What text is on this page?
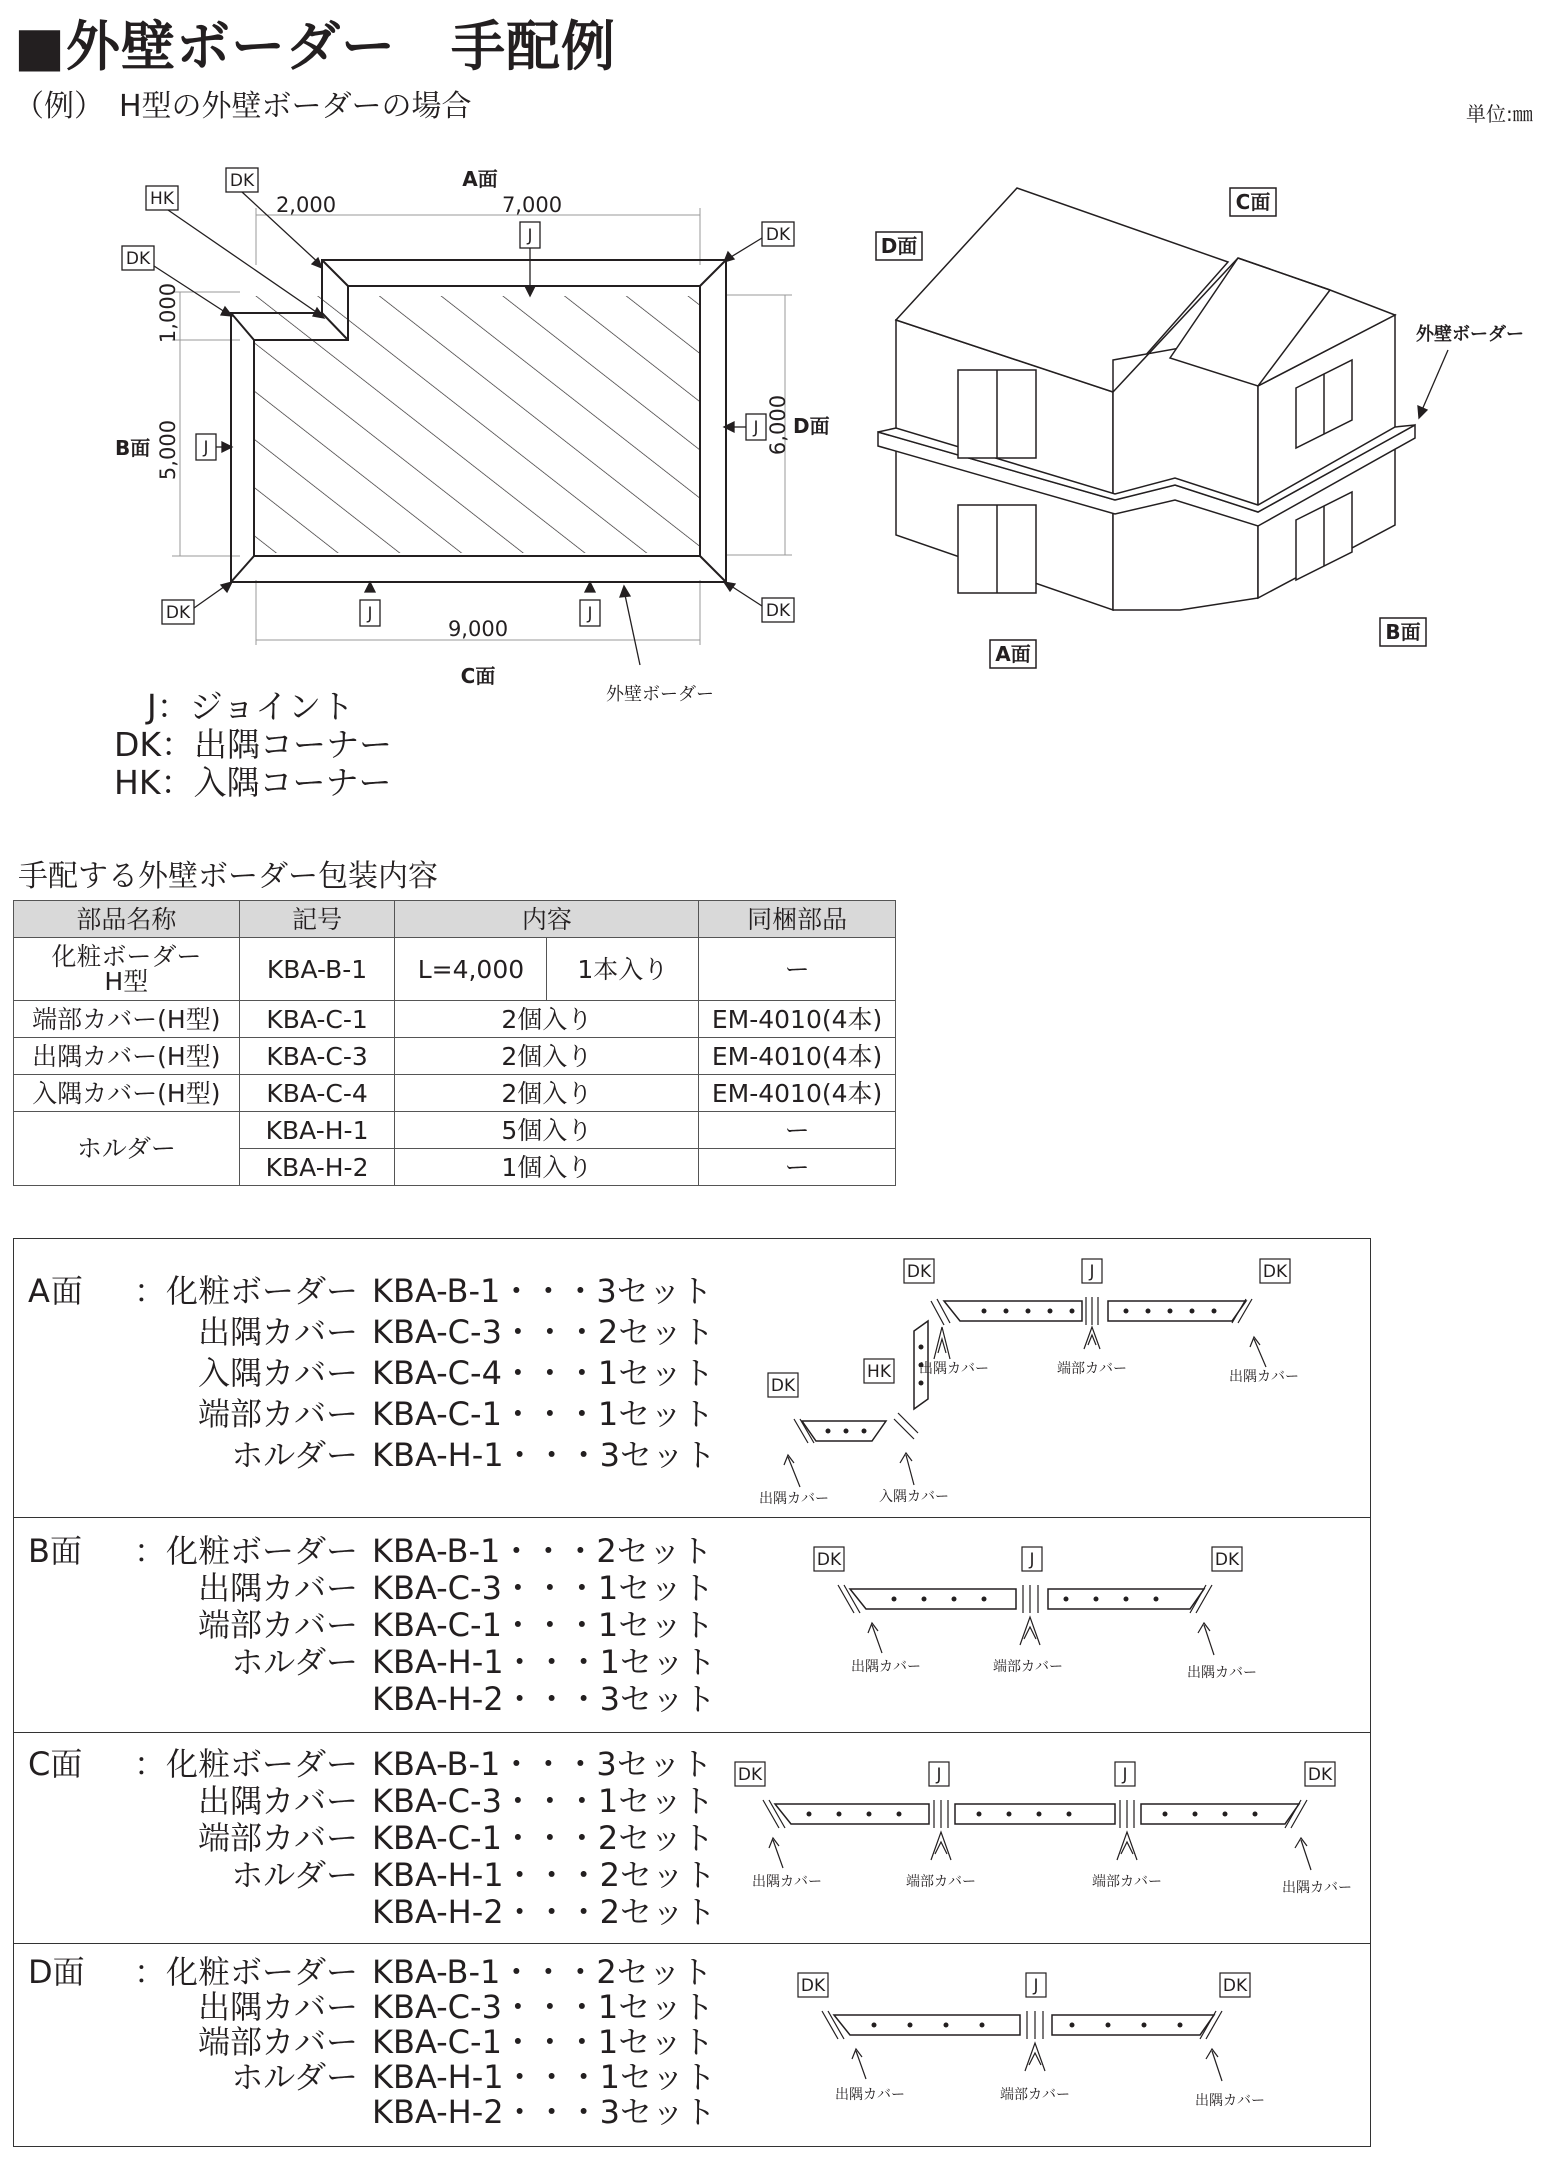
■外壁ボーダー　手配例
（例）　H型の外壁ボーダーの場合	単位:㎜
2,000	7,000
A面
1,000
5,000	6,000
9,000
C面
B面
D面
DK
HK
DK
DK
J
J
J
DK	DK
J	J
外壁ボーダー
C面
D面
A面
B面
外壁ボーダー
J：ジョイント
DK：出隅コーナー
HK：入隅コーナー
手配する外壁ボーダー包装内容
部品名称	記号	内容		同梱部品

化粧ボーダー
H型	KBA-B-1	L=4,000	1本入り	ー
端部カバー(H型)	KBA-C-1	2個入り		EM-4010(4本)
出隅カバー(H型)	KBA-C-3	2個入り		EM-4010(4本)
入隅カバー(H型)	KBA-C-4	2個入り		EM-4010(4本)
ホルダー	KBA-H-1	5個入り		ー
	KBA-H-2	1個入り		ー
A面 ：化粧ボーダー KBA-B-1・・・3セット
出隅カバー KBA-C-3・・・2セット
入隅カバー KBA-C-4・・・1セット
端部カバー KBA-C-1・・・1セット
ホルダー KBA-H-1・・・3セット
DK	J	DK
HK
DK
出隅カバー	端部カバー	出隅カバー
入隅カバー
出隅カバー
B面 ：化粧ボーダー KBA-B-1・・・2セット
出隅カバー KBA-C-3・・・1セット
端部カバー KBA-C-1・・・1セット
ホルダー KBA-H-1・・・1セット
KBA-H-2・・・3セット
DK	J	DK
出隅カバー	端部カバー	出隅カバー
C面 ：化粧ボーダー KBA-B-1・・・3セット
出隅カバー KBA-C-3・・・1セット
端部カバー KBA-C-1・・・2セット
ホルダー KBA-H-1・・・2セット
KBA-H-2・・・2セット
DK	J	J	DK
出隅カバー	端部カバー	端部カバー	出隅カバー
D面 ：化粧ボーダー KBA-B-1・・・2セット
出隅カバー KBA-C-3・・・1セット
端部カバー KBA-C-1・・・1セット
ホルダー KBA-H-1・・・1セット
KBA-H-2・・・3セット
DK	J	DK
出隅カバー	端部カバー	出隅カバー
